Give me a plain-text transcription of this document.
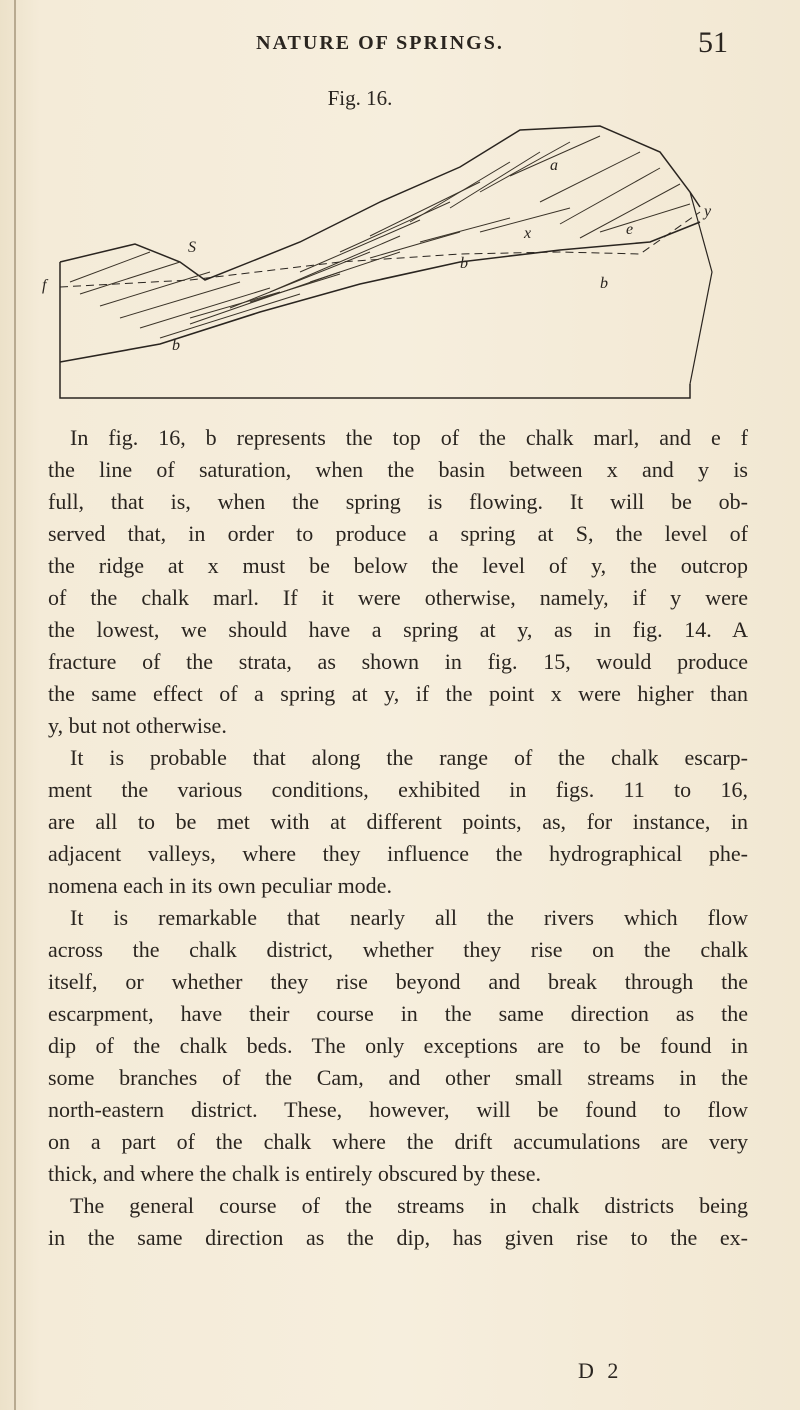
NATURE OF SPRINGS.	51
Fig. 16.
f
S
a
x	e
y
b
b
b
In fig. 16, b represents the top of the chalk marl, and e f
the line of saturation, when the basin between x and y is
full, that is, when the spring is flowing. It will be ob-
served that, in order to produce a spring at S, the level of
the ridge at x must be below the level of y, the outcrop
of the chalk marl. If it were otherwise, namely, if y were
the lowest, we should have a spring at y, as in fig. 14. A
fracture of the strata, as shown in fig. 15, would produce
the same effect of a spring at y, if the point x were higher than
y, but not otherwise.
It is probable that along the range of the chalk escarp-
ment the various conditions, exhibited in figs. 11 to 16,
are all to be met with at different points, as, for instance, in
adjacent valleys, where they influence the hydrographical phe-
nomena each in its own peculiar mode.
It is remarkable that nearly all the rivers which flow
across the chalk district, whether they rise on the chalk
itself, or whether they rise beyond and break through the
escarpment, have their course in the same direction as the
dip of the chalk beds. The only exceptions are to be found in
some branches of the Cam, and other small streams in the
north-eastern district. These, however, will be found to flow
on a part of the chalk where the drift accumulations are very
thick, and where the chalk is entirely obscured by these.
The general course of the streams in chalk districts being
in the same direction as the dip, has given rise to the ex-
D 2
